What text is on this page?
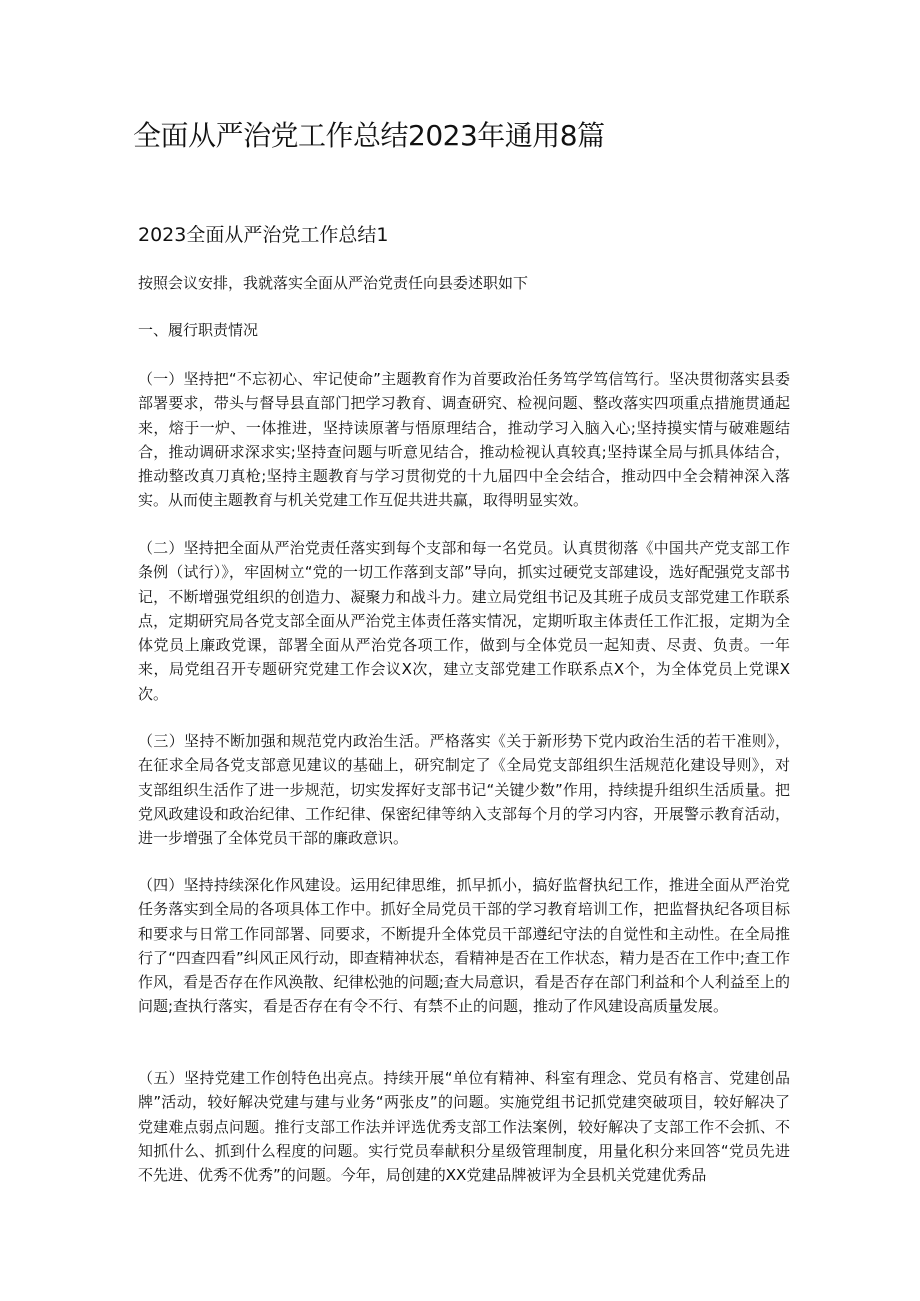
全面从严治党工作总结2023年通用8篇
2023全面从严治党工作总结1

按照会议安排，我就落实全面从严治党责任向县委述职如下

一、履行职责情况

（一）坚持把“不忘初心、牢记使命”主题教育作为首要政治任务笃学笃信笃行。坚决贯彻落实县委部署要求，带头与督导县直部门把学习教育、调查研究、检视问题、整改落实四项重点措施贯通起来，熔于一炉、一体推进，坚持读原著与悟原理结合，推动学习入脑入心;坚持摸实情与破难题结合，推动调研求深求实;坚持查问题与听意见结合，推动检视认真较真;坚持谋全局与抓具体结合，推动整改真刀真枪;坚持主题教育与学习贯彻党的十九届四中全会结合，推动四中全会精神深入落实。从而使主题教育与机关党建工作互促共进共赢，取得明显实效。

（二）坚持把全面从严治党责任落实到每个支部和每一名党员。认真贯彻落《中国共产党支部工作条例（试行）》，牢固树立“党的一切工作落到支部”导向，抓实过硬党支部建设，选好配强党支部书记，不断增强党组织的创造力、凝聚力和战斗力。建立局党组书记及其班子成员支部党建工作联系点，定期研究局各党支部全面从严治党主体责任落实情况，定期听取主体责任工作汇报，定期为全体党员上廉政党课，部署全面从严治党各项工作，做到与全体党员一起知责、尽责、负责。一年来，局党组召开专题研究党建工作会议X次，建立支部党建工作联系点X个，为全体党员上党课X次。

（三）坚持不断加强和规范党内政治生活。严格落实《关于新形势下党内政治生活的若干准则》，在征求全局各党支部意见建议的基础上，研究制定了《全局党支部组织生活规范化建设导则》，对支部组织生活作了进一步规范，切实发挥好支部书记“关键少数”作用，持续提升组织生活质量。把党风政建设和政治纪律、工作纪律、保密纪律等纳入支部每个月的学习内容，开展警示教育活动，进一步增强了全体党员干部的廉政意识。

（四）坚持持续深化作风建设。运用纪律思维，抓早抓小，搞好监督执纪工作，推进全面从严治党任务落实到全局的各项具体工作中。抓好全局党员干部的学习教育培训工作，把监督执纪各项目标和要求与日常工作同部署、同要求，不断提升全体党员干部遵纪守法的自觉性和主动性。在全局推行了“四查四看”纠风正风行动，即查精神状态，看精神是否在工作状态，精力是否在工作中;查工作作风，看是否存在作风涣散、纪律松弛的问题;查大局意识，看是否存在部门利益和个人利益至上的问题;查执行落实，看是否存在有令不行、有禁不止的问题，推动了作风建设高质量发展。

（五）坚持党建工作创特色出亮点。持续开展“单位有精神、科室有理念、党员有格言、党建创品牌”活动，较好解决党建与建与业务“两张皮”的问题。实施党组书记抓党建突破项目，较好解决了党建难点弱点问题。推行支部工作法并评选优秀支部工作法案例，较好解决了支部工作不会抓、不知抓什么、抓到什么程度的问题。实行党员奉献积分星级管理制度，用量化积分来回答“党员先进不先进、优秀不优秀”的问题。今年，局创建的XX党建品牌被评为全县机关党建优秀品
